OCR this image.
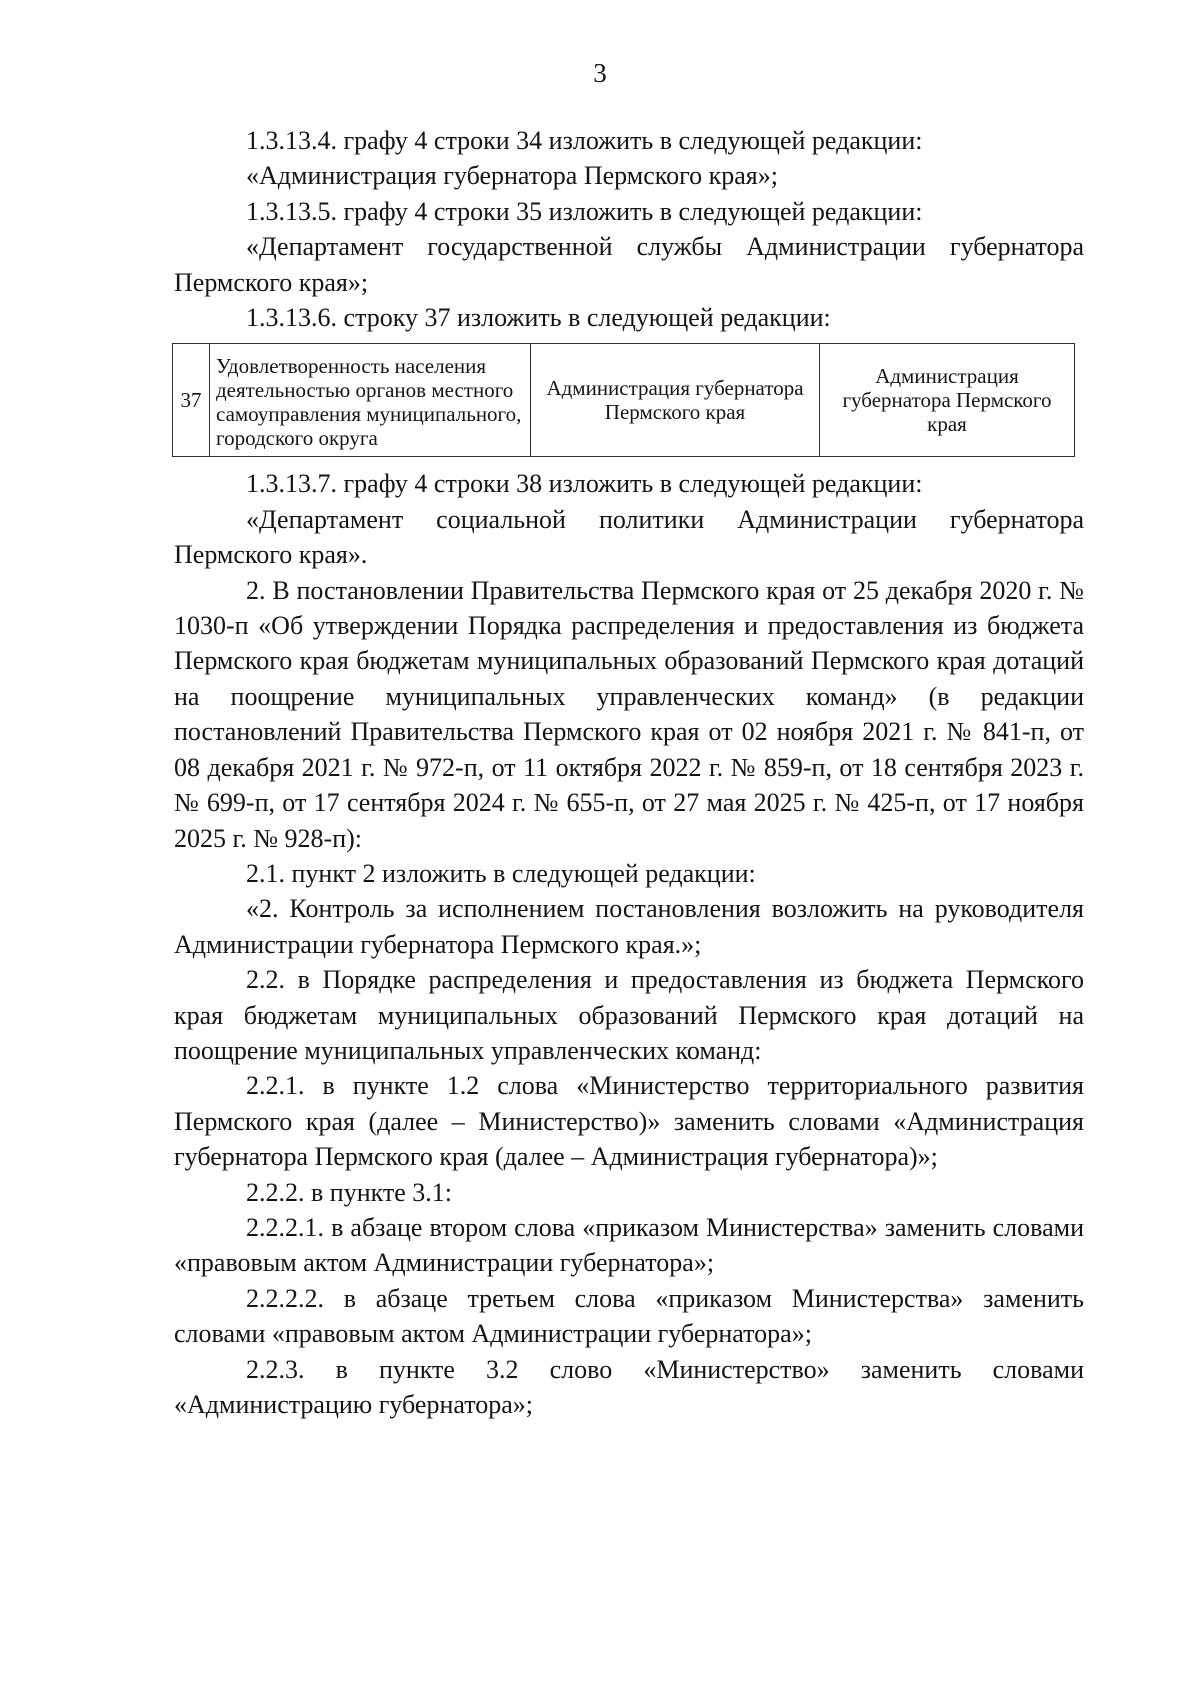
3

1.3.13.4. графу 4 строки 34 изложить в следующей редакции:

«Администрация губернатора Пермского края»;

1.3.13.5. графу 4 строки 35 изложить в следующей редакции:

«Департамент государственной службы Администрации губернатора Пермского края»;

1.3.13.6. строку 37 изложить в следующей редакции:

37	Удовлетворенность населения деятельностью органов местного самоуправления муниципального, городского округа	Администрация губернатора Пермского края	Администрация губернатора Пермского края

1.3.13.7. графу 4 строки 38 изложить в следующей редакции:

«Департамент социальной политики Администрации губернатора Пермского края».

2. В постановлении Правительства Пермского края от 25 декабря 2020 г. № 1030-п «Об утверждении Порядка распределения и предоставления из бюджета Пермского края бюджетам муниципальных образований Пермского края дотаций на поощрение муниципальных управленческих команд» (в редакции постановлений Правительства Пермского края от 02 ноября 2021 г. № 841-п, от 08 декабря 2021 г. № 972-п, от 11 октября 2022 г. № 859-п, от 18 сентября 2023 г. № 699-п, от 17 сентября 2024 г. № 655-п, от 27 мая 2025 г. № 425-п, от 17 ноября 2025 г. № 928-п):

2.1. пункт 2 изложить в следующей редакции:

«2. Контроль за исполнением постановления возложить на руководителя Администрации губернатора Пермского края.»;

2.2. в Порядке распределения и предоставления из бюджета Пермского края бюджетам муниципальных образований Пермского края дотаций на поощрение муниципальных управленческих команд:

2.2.1. в пункте 1.2 слова «Министерство территориального развития Пермского края (далее – Министерство)» заменить словами «Администрация губернатора Пермского края (далее – Администрация губернатора)»;

2.2.2. в пункте 3.1:

2.2.2.1. в абзаце втором слова «приказом Министерства» заменить словами «правовым актом Администрации губернатора»;

2.2.2.2. в абзаце третьем слова «приказом Министерства» заменить словами «правовым актом Администрации губернатора»;

2.2.3. в пункте 3.2 слово «Министерство» заменить словами «Администрацию губернатора»;
